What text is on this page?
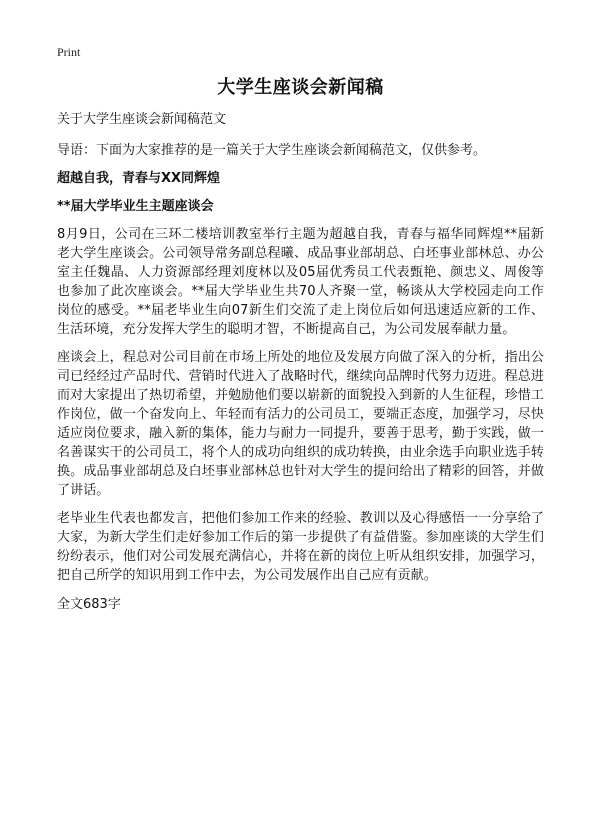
Print
大学生座谈会新闻稿
关于大学生座谈会新闻稿范文
导语：下面为大家推荐的是一篇关于大学生座谈会新闻稿范文，仅供参考。
超越自我，青春与XX同辉煌
**届大学毕业生主题座谈会
8月9日，公司在三环二楼培训教室举行主题为超越自我，青春与福华同辉煌**届新老大学生座谈会。公司领导常务副总程曦、成品事业部胡总、白坯事业部林总、办公室主任魏晶、人力资源部经理刘度林以及05届优秀员工代表甄艳、颜忠义、周俊等也参加了此次座谈会。**届大学毕业生共70人齐聚一堂，畅谈从大学校园走向工作岗位的感受。**届老毕业生向07新生们交流了走上岗位后如何迅速适应新的工作、生活环境，充分发挥大学生的聪明才智，不断提高自己，为公司发展奉献力量。
座谈会上，程总对公司目前在市场上所处的地位及发展方向做了深入的分析，指出公司已经经过产品时代、营销时代进入了战略时代，继续向品牌时代努力迈进。程总进而对大家提出了热切希望，并勉励他们要以崭新的面貌投入到新的人生征程，珍惜工作岗位，做一个奋发向上、年轻而有活力的公司员工，要端正态度，加强学习，尽快适应岗位要求，融入新的集体，能力与耐力一同提升，要善于思考，勤于实践，做一名善谋实干的公司员工，将个人的成功向组织的成功转换，由业余选手向职业选手转换。成品事业部胡总及白坯事业部林总也针对大学生的提问给出了精彩的回答，并做了讲话。
老毕业生代表也都发言，把他们参加工作来的经验、教训以及心得感悟一一分享给了大家，为新大学生们走好参加工作后的第一步提供了有益借鉴。参加座谈的大学生们纷纷表示，他们对公司发展充满信心，并将在新的岗位上听从组织安排，加强学习，把自己所学的知识用到工作中去，为公司发展作出自己应有贡献。
全文683字
